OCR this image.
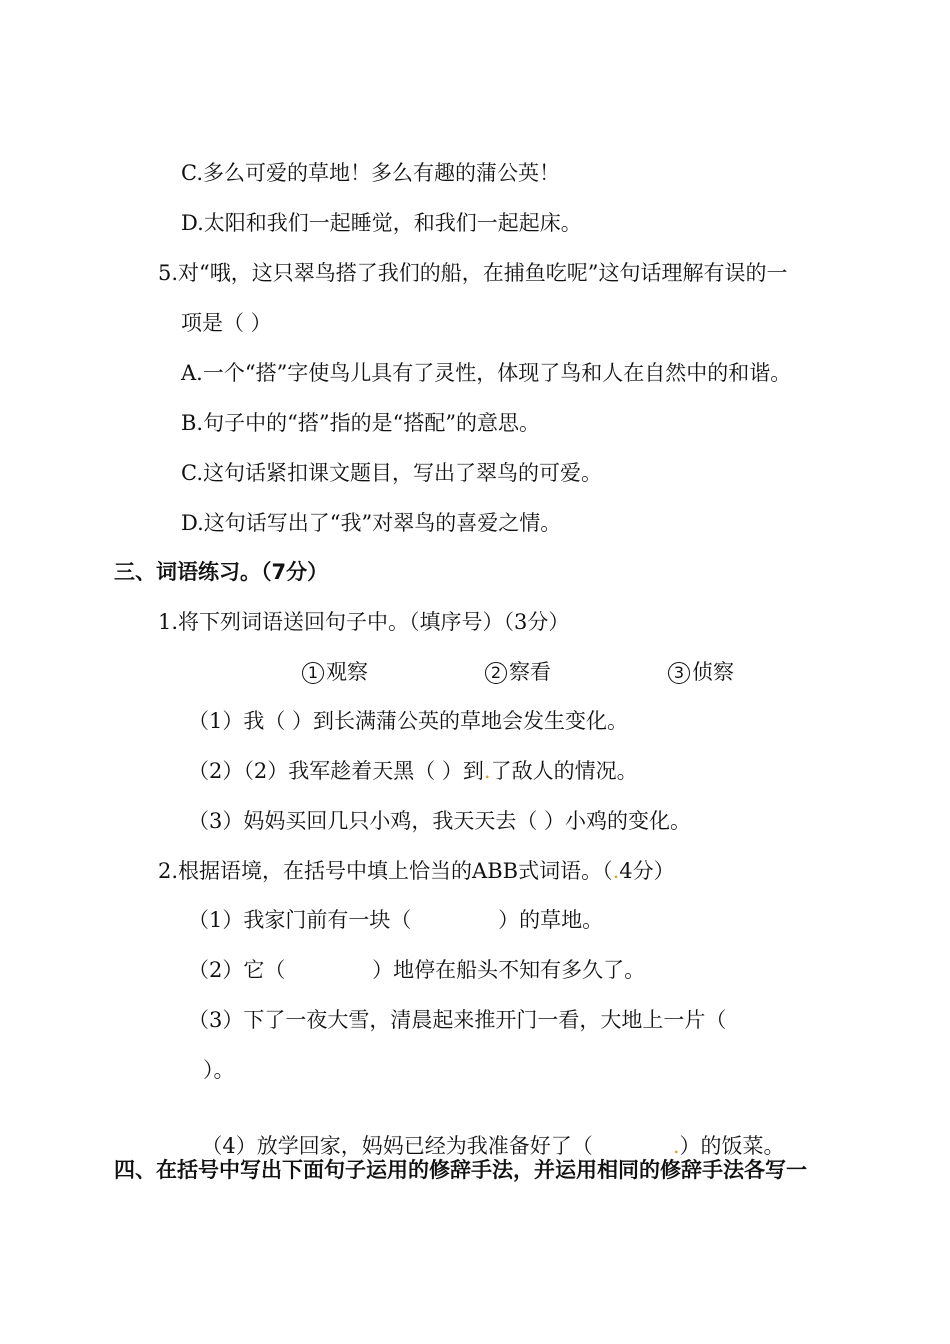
C.多么可爱的草地！多么有趣的蒲公英！
D.太阳和我们一起睡觉，和我们一起起床。
5.对“哦，这只翠鸟搭了我们的船，在捕鱼吃呢”这句话理解有误的一
项是（ ）
A.一个“搭”字使鸟儿具有了灵性，体现了鸟和人在自然中的和谐。
B.句子中的“搭”指的是“搭配”的意思。
C.这句话紧扣课文题目，写出了翠鸟的可爱。
D.这句话写出了“我”对翠鸟的喜爱之情。
三、词语练习。（7分）
1.将下列词语送回句子中。（填序号）（3分）
1 观察	2 察看	3 侦察
（1）我（ ）到长满蒲公英的草地会发生变化。
（2）（2）我军趁着天黑（ ）到.了敌人的情况。
（3）妈妈买回几只小鸡，我天天去（ ）小鸡的变化。
2.根据语境，在括号中填上恰当的ABB式词语。（.4分）
（1）我家门前有一块（             ）的草地。
（2）它（             ）地停在船头不知有多久了。
（3）下了一夜大雪，清晨起来推开门一看，大地上一片（
）。

（4）放学回家，妈妈已经为我准备好了（            .）的饭菜。

四、在括号中写出下面句子运用的修辞手法，并运用相同的修辞手法各写一
